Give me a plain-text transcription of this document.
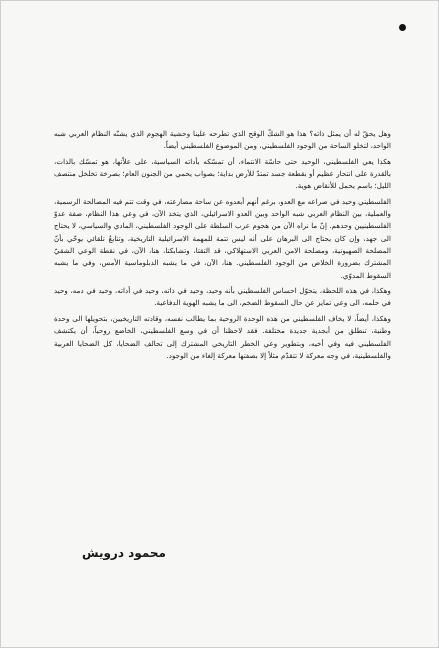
وهل يحقّ له أن يمثل ذاته؟ هذا هو الشكّ الوقح الذي تطرحه علينا وحشية الهجوم الذي يشنّه النظام العربي شبه الواحد، لتخلو الساحة من الوجود الفلسطيني، ومن الموضوع الفلسطيني أيضاً.

هكذا يعي الفلسطيني، الوحيد حتى حاسّة الانتماء، أن تمسّكه بأداته السياسية، على علاّتها، هو تمسّك بالذات، بالقدرة على انتحار عظيم أو بقطعة جسد تمتدّ للأرض بداية؛ بصواب يحمي من الجنون العام؛ بصرخة تخلخل منتصف الليل؛ باسم يحمل للأنقاض هوية.

الفلسطيني وحيد في صراعه مع العدو، برغم أنهم أبعدوه عن ساحة مصارعته، في وقت تتم فيه المصالحة الرسمية، والعملية، بين النظام العربي شبه الواحد وبين العدو الاسرائيلي، الذي يتخذ الآن، في وعي هذا النظام، صفة عدوّ الفلسطينيين وحدهم. إنّ ما نراه الآن من هجوم عرب السلطة على الوجود الفلسطيني، المادي والسياسي، لا يحتاج الى جهد، وإن كان يحتاج الى البرهان على أنه ليس تتمة للمهمة الاسرائيلية التاريخية، وتتابعٌ تلقائي يوحّي بأنّ المصلحة الصهيونية، ومصلحة الامن العربي الاستهلاكي، قد التقتا، وتشابكتا، هنا، الآن، في نقطة الوعي الشقيّ المشترك بضرورة الخلاص من الوجود الفلسطيني. هنا، الآن، في ما يشبه الدبلوماسية الأمس، وفي ما يشبه السقوط المدوّي.

وهكذا، في هذه اللحظة، يتحوّل احساس الفلسطيني بأنه وحيد، وحيد في ذاته، وحيد في أداته، وحيد في دمه، وحيد في حلمه، الى وعي تمايز عن حال السقوط الضخم، الى ما يشبه الهوية الدفاعية.

وهكذا، أيضاً، لا يخاف الفلسطيني من هذه الوحدة الروحية بما يطالب نفسه، وقادته التاريخيين، بتحويلها الى وحدة وطنية، تنطلق من أبجدية جديدة مختلفة. فقد لاحظنا أن في وسع الفلسطيني، الخاضع روحياً، أن يكتشف الفلسطيني فيه وفي أخيه، وبتطوير وعي الخطر التاريخي المشترك إلى تحالف الضحايا، كل الضحايا العربية والفلسطينية، في وجه معركة لا تتقدّم مثلاً إلا بصفتها معركة إلغاء من الوجود.

محمود درويش
